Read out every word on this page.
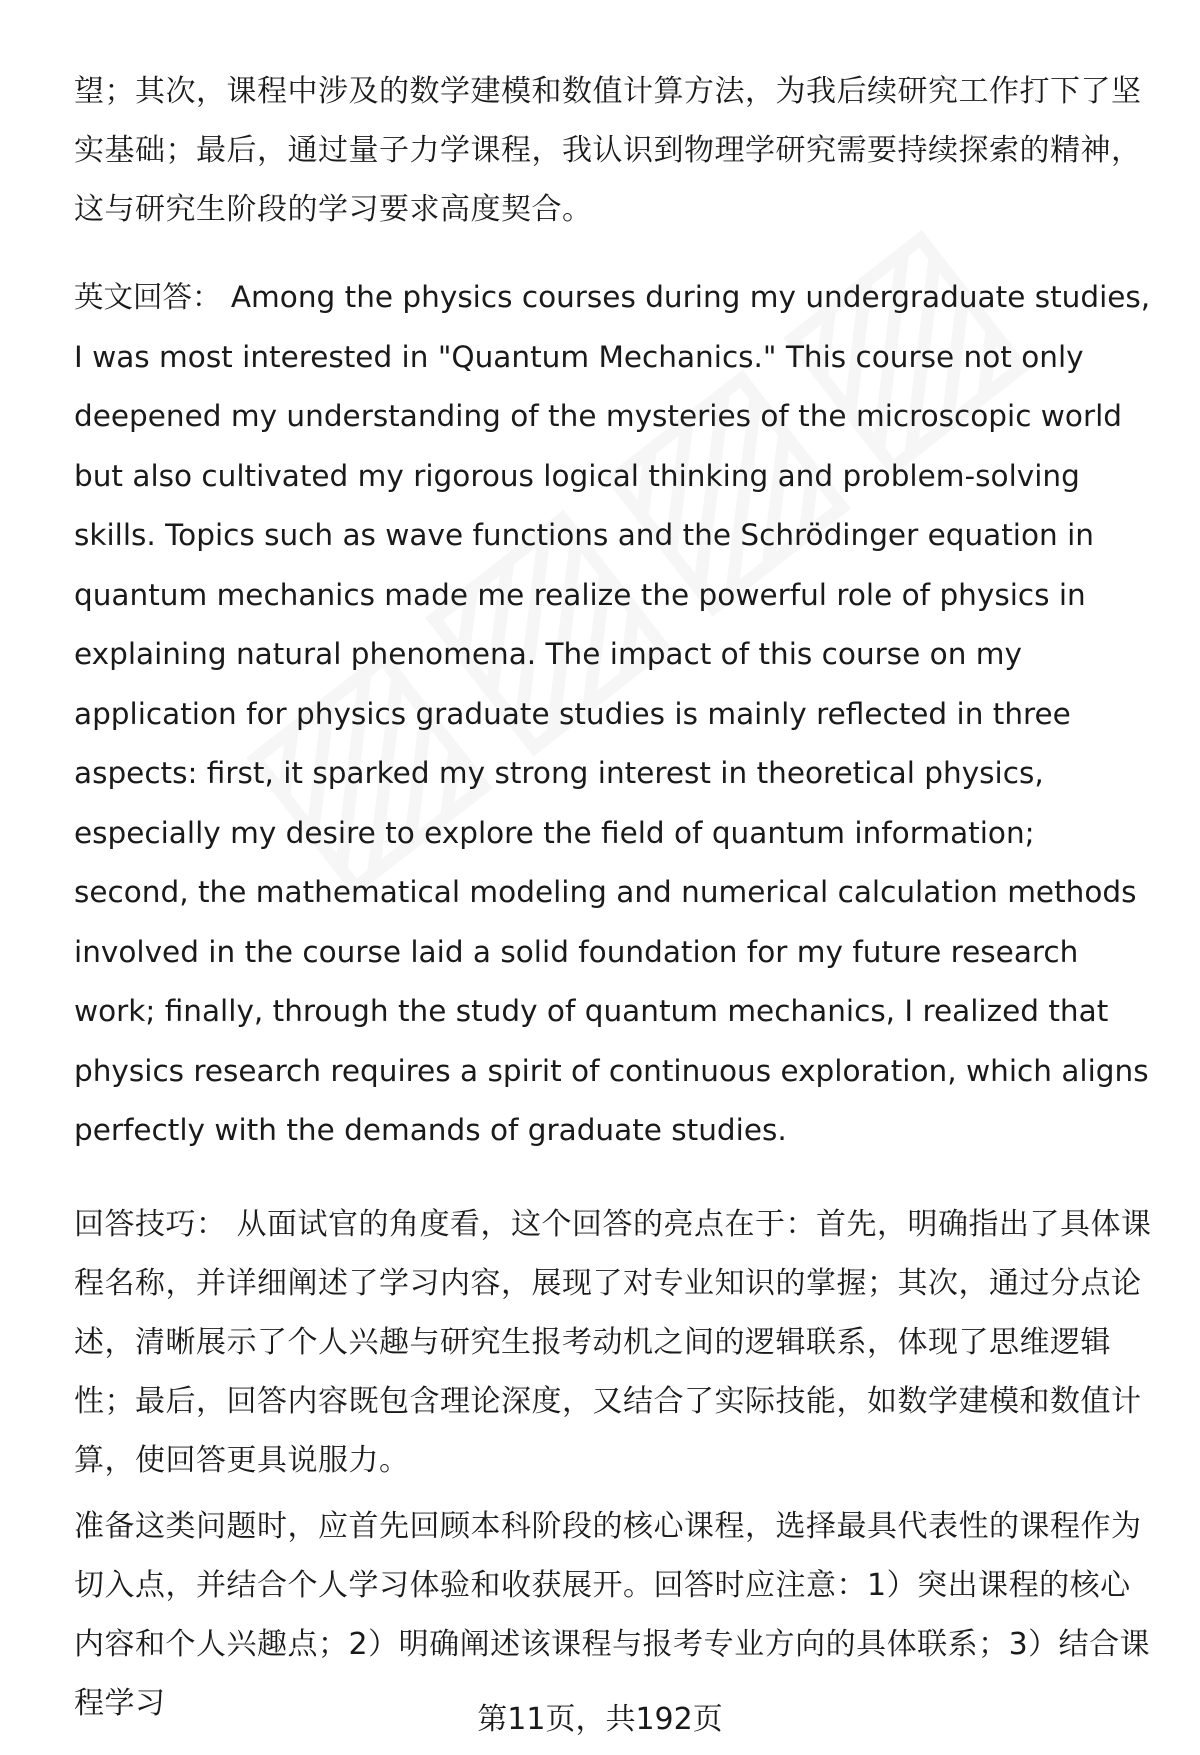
望；其次，课程中涉及的数学建模和数值计算方法，为我后续研究工作打下了坚实基础；最后，通过量子力学课程，我认识到物理学研究需要持续探索的精神，这与研究生阶段的学习要求高度契合。

英文回答： Among the physics courses during my undergraduate studies, I was most interested in "Quantum Mechanics." This course not only deepened my understanding of the mysteries of the microscopic world but also cultivated my rigorous logical thinking and problem-solving skills. Topics such as wave functions and the Schrödinger equation in quantum mechanics made me realize the powerful role of physics in explaining natural phenomena. The impact of this course on my application for physics graduate studies is mainly reflected in three aspects: first, it sparked my strong interest in theoretical physics, especially my desire to explore the field of quantum information; second, the mathematical modeling and numerical calculation methods involved in the course laid a solid foundation for my future research work; finally, through the study of quantum mechanics, I realized that physics research requires a spirit of continuous exploration, which aligns perfectly with the demands of graduate studies.

回答技巧： 从面试官的角度看，这个回答的亮点在于：首先，明确指出了具体课程名称，并详细阐述了学习内容，展现了对专业知识的掌握；其次，通过分点论述，清晰展示了个人兴趣与研究生报考动机之间的逻辑联系，体现了思维逻辑性；最后，回答内容既包含理论深度，又结合了实际技能，如数学建模和数值计算，使回答更具说服力。

准备这类问题时，应首先回顾本科阶段的核心课程，选择最具代表性的课程作为切入点，并结合个人学习体验和收获展开。回答时应注意：1）突出课程的核心内容和个人兴趣点；2）明确阐述该课程与报考专业方向的具体联系；3）结合课程学习	第11页，共192页
